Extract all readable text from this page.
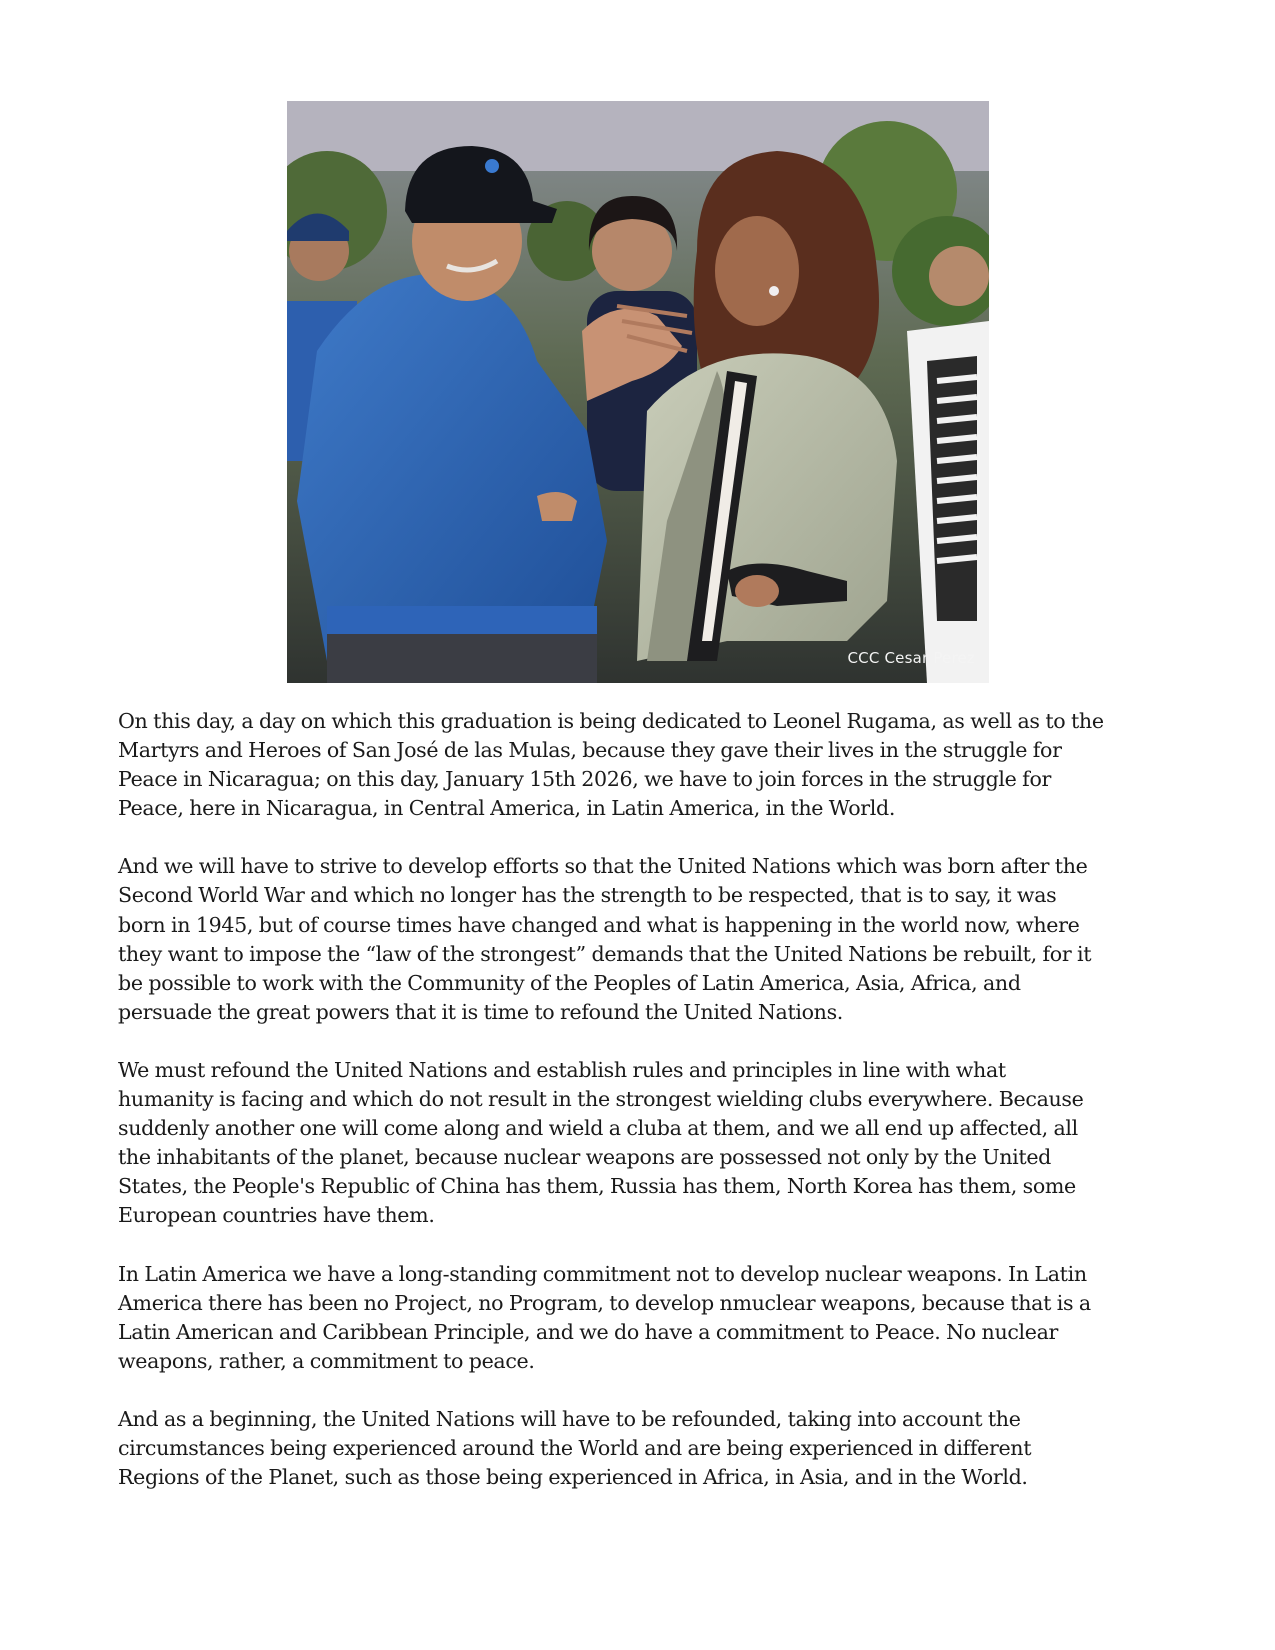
CCC Cesar Perez

On this day, a day on which this graduation is being dedicated to Leonel Rugama, as well as to the
Martyrs and Heroes of San José de las Mulas, because they gave their lives in the struggle for
Peace in Nicaragua; on this day, January 15th 2026, we have to join forces in the struggle for
Peace, here in Nicaragua, in Central America, in Latin America, in the World.

And we will have to strive to develop efforts so that the United Nations which was born after the
Second World War and which no longer has the strength to be respected, that is to say, it was
born in 1945, but of course times have changed and what is happening in the world now, where
they want to impose the “law of the strongest” demands that the United Nations be rebuilt, for it
be possible to work with the Community of the Peoples of Latin America, Asia, Africa, and
persuade the great powers that it is time to refound the United Nations.

We must refound the United Nations and establish rules and principles in line with what
humanity is facing and which do not result in the strongest wielding clubs everywhere. Because
suddenly another one will come along and wield a cluba at them, and we all end up affected, all
the inhabitants of the planet, because nuclear weapons are possessed not only by the United
States, the People's Republic of China has them, Russia has them, North Korea has them, some
European countries have them.

In Latin America we have a long-standing commitment not to develop nuclear weapons. In Latin
America there has been no Project, no Program, to develop nmuclear weapons, because that is a
Latin American and Caribbean Principle, and we do have a commitment to Peace. No nuclear
weapons, rather, a commitment to peace.

And as a beginning, the United Nations will have to be refounded, taking into account the
circumstances being experienced around the World and are being experienced in different
Regions of the Planet, such as those being experienced in Africa, in Asia, and in the World.
